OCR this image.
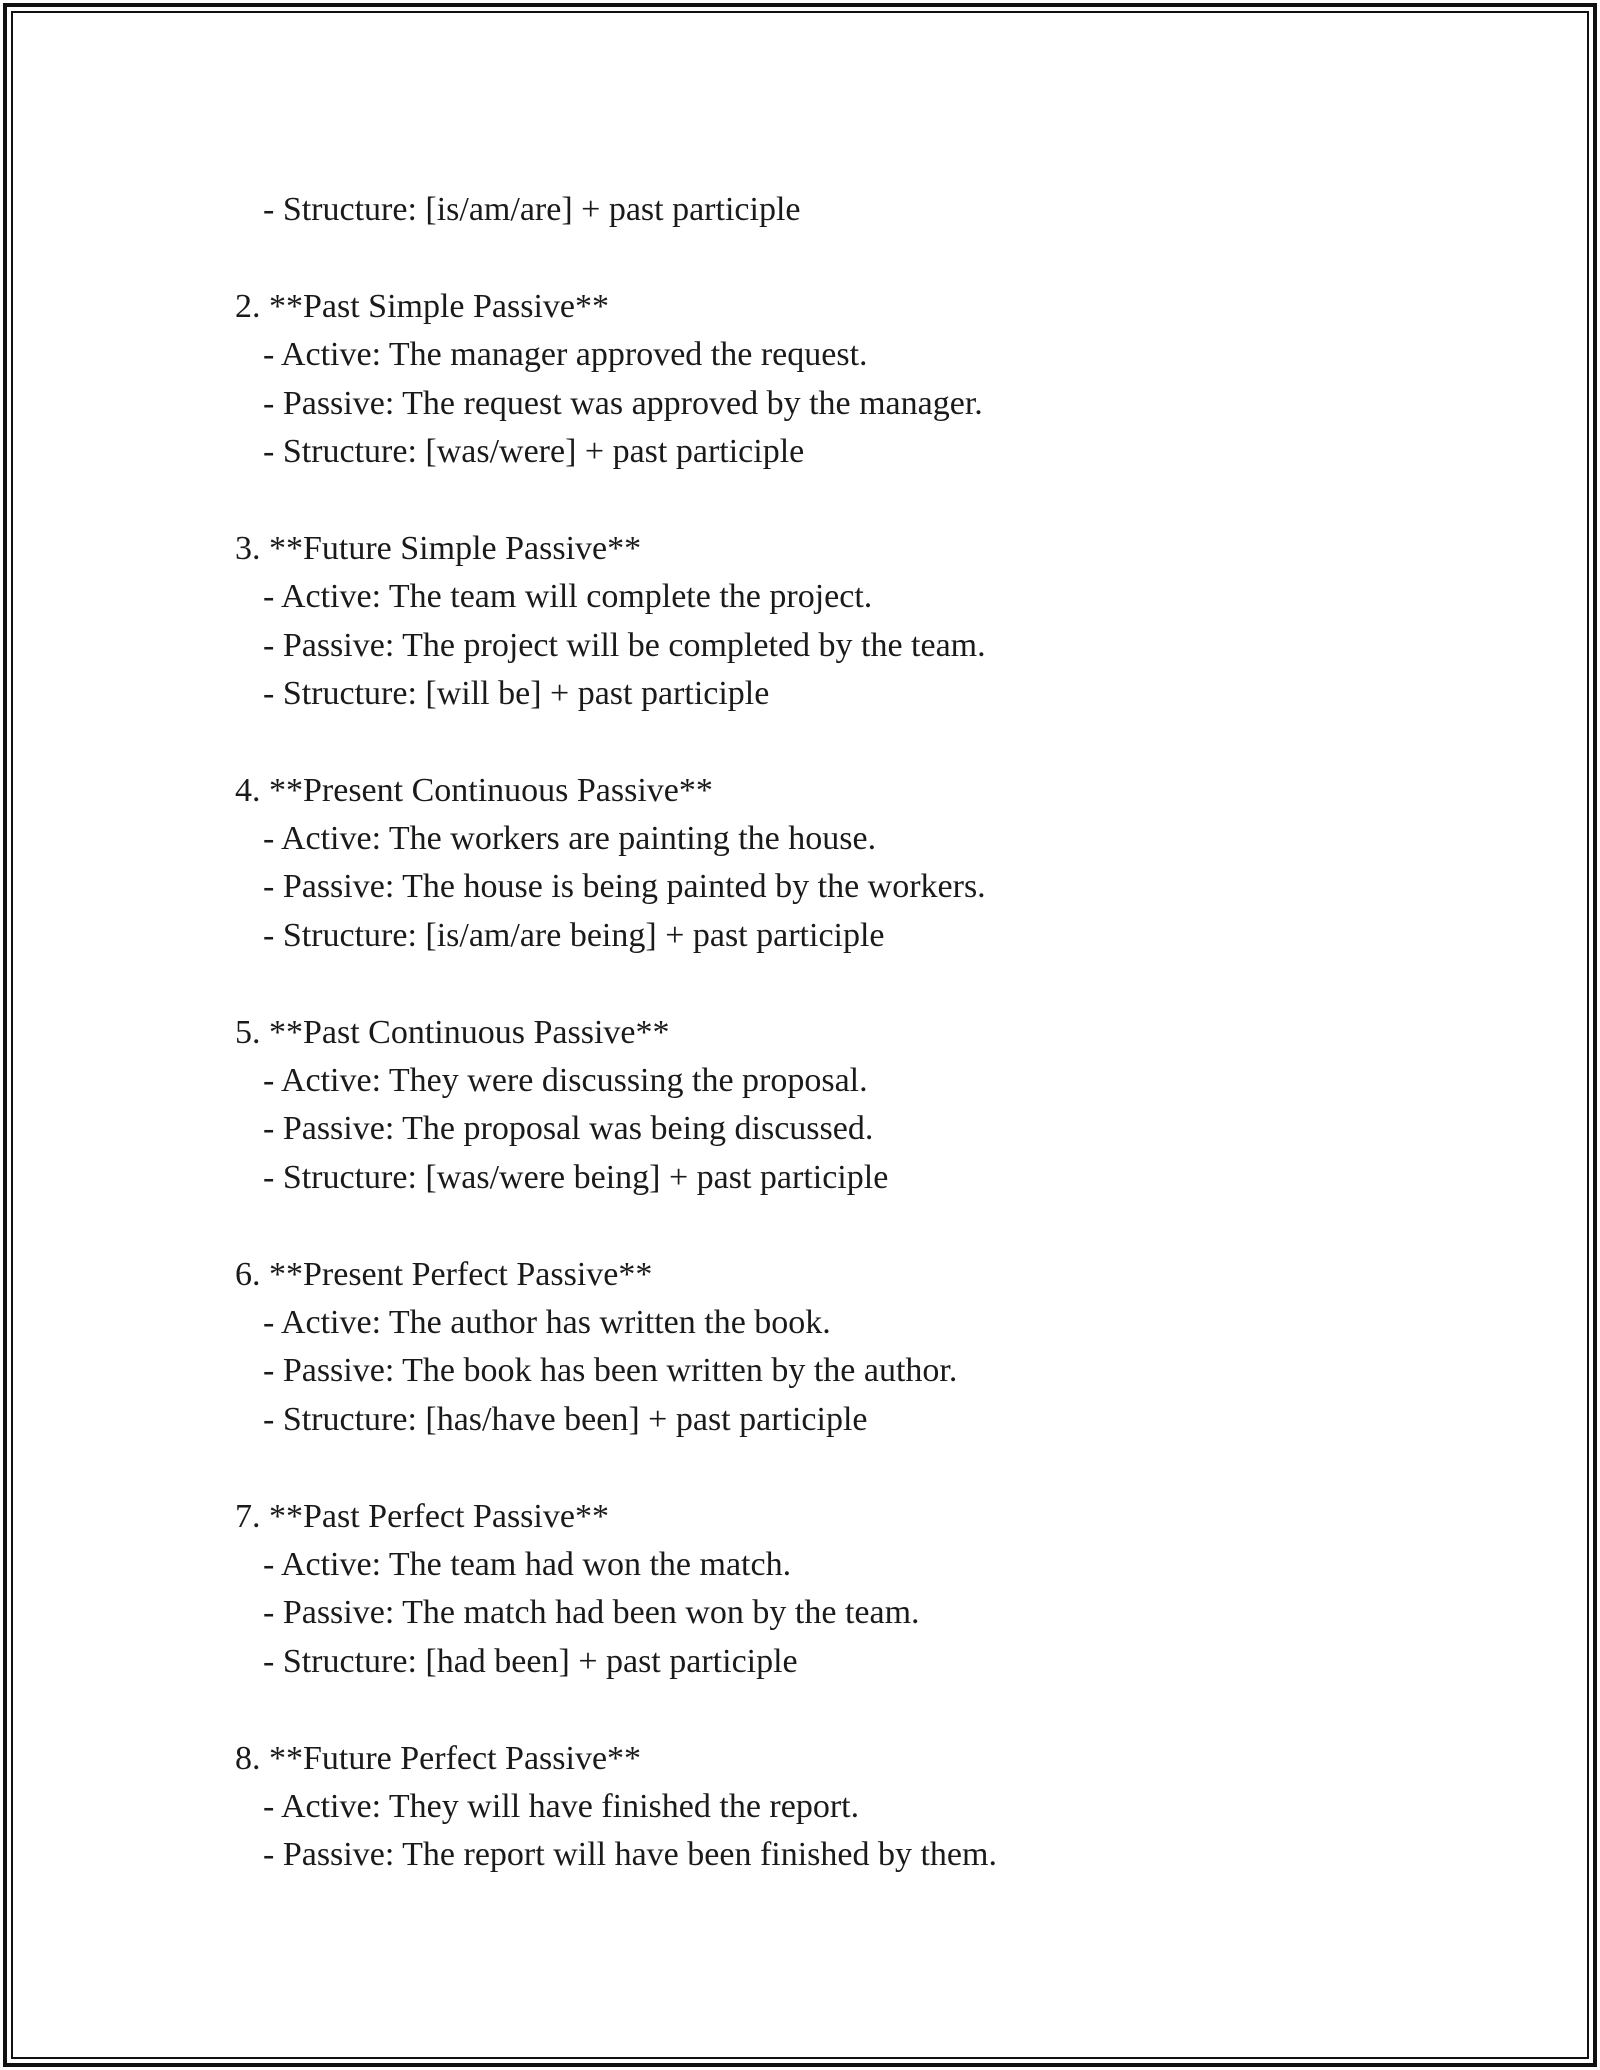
- Structure: [is/am/are] + past participle
2. **Past Simple Passive**
- Active: The manager approved the request.
- Passive: The request was approved by the manager.
- Structure: [was/were] + past participle
3. **Future Simple Passive**
- Active: The team will complete the project.
- Passive: The project will be completed by the team.
- Structure: [will be] + past participle
4. **Present Continuous Passive**
- Active: The workers are painting the house.
- Passive: The house is being painted by the workers.
- Structure: [is/am/are being] + past participle
5. **Past Continuous Passive**
- Active: They were discussing the proposal.
- Passive: The proposal was being discussed.
- Structure: [was/were being] + past participle
6. **Present Perfect Passive**
- Active: The author has written the book.
- Passive: The book has been written by the author.
- Structure: [has/have been] + past participle
7. **Past Perfect Passive**
- Active: The team had won the match.
- Passive: The match had been won by the team.
- Structure: [had been] + past participle
8. **Future Perfect Passive**
- Active: They will have finished the report.
- Passive: The report will have been finished by them.
